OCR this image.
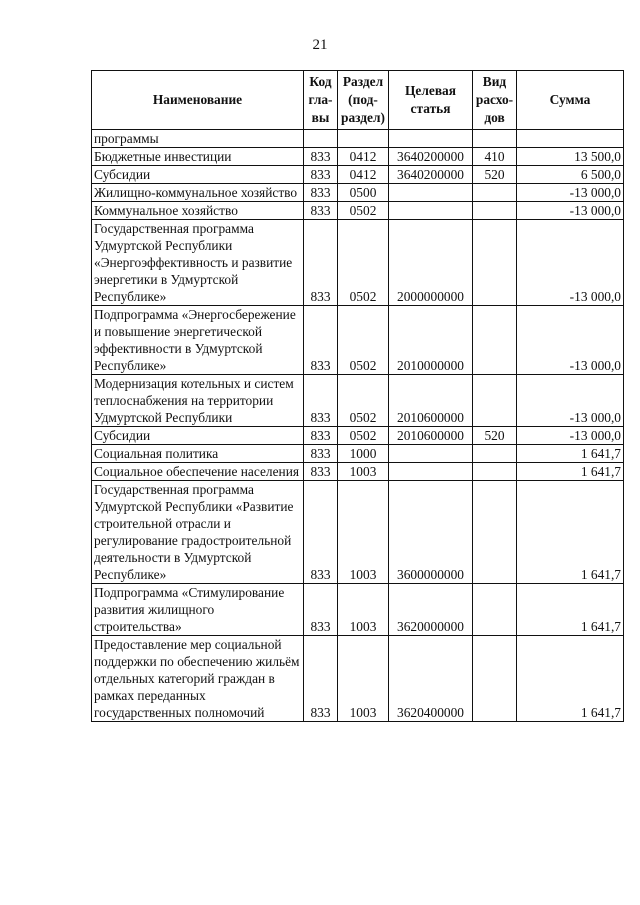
21
Наименование	Код гла-вы	Раздел (под-раздел)	Целевая статья	Вид расхо-дов	Сумма
программы					
Бюджетные инвестиции	833	0412	3640200000	410	13 500,0
Субсидии	833	0412	3640200000	520	6 500,0
Жилищно-коммунальное хозяйство	833	0500			-13 000,0
Коммунальное хозяйство	833	0502			-13 000,0
Государственная программа Удмуртской Республики «Энергоэффективность и развитие энергетики в Удмуртской Республике»	833	0502	2000000000		-13 000,0
Подпрограмма «Энергосбережение и повышение энергетической эффективности в Удмуртской Республике»	833	0502	2010000000		-13 000,0
Модернизация котельных и систем теплоснабжения на территории Удмуртской Республики	833	0502	2010600000		-13 000,0
Субсидии	833	0502	2010600000	520	-13 000,0
Социальная политика	833	1000			1 641,7
Социальное обеспечение населения	833	1003			1 641,7
Государственная программа Удмуртской Республики «Развитие строительной отрасли и регулирование градостроительной деятельности в Удмуртской Республике»	833	1003	3600000000		1 641,7
Подпрограмма «Стимулирование развития жилищного строительства»	833	1003	3620000000		1 641,7
Предоставление мер социальной поддержки по обеспечению жильём отдельных категорий граждан в рамках переданных государственных полномочий	833	1003	3620400000		1 641,7
